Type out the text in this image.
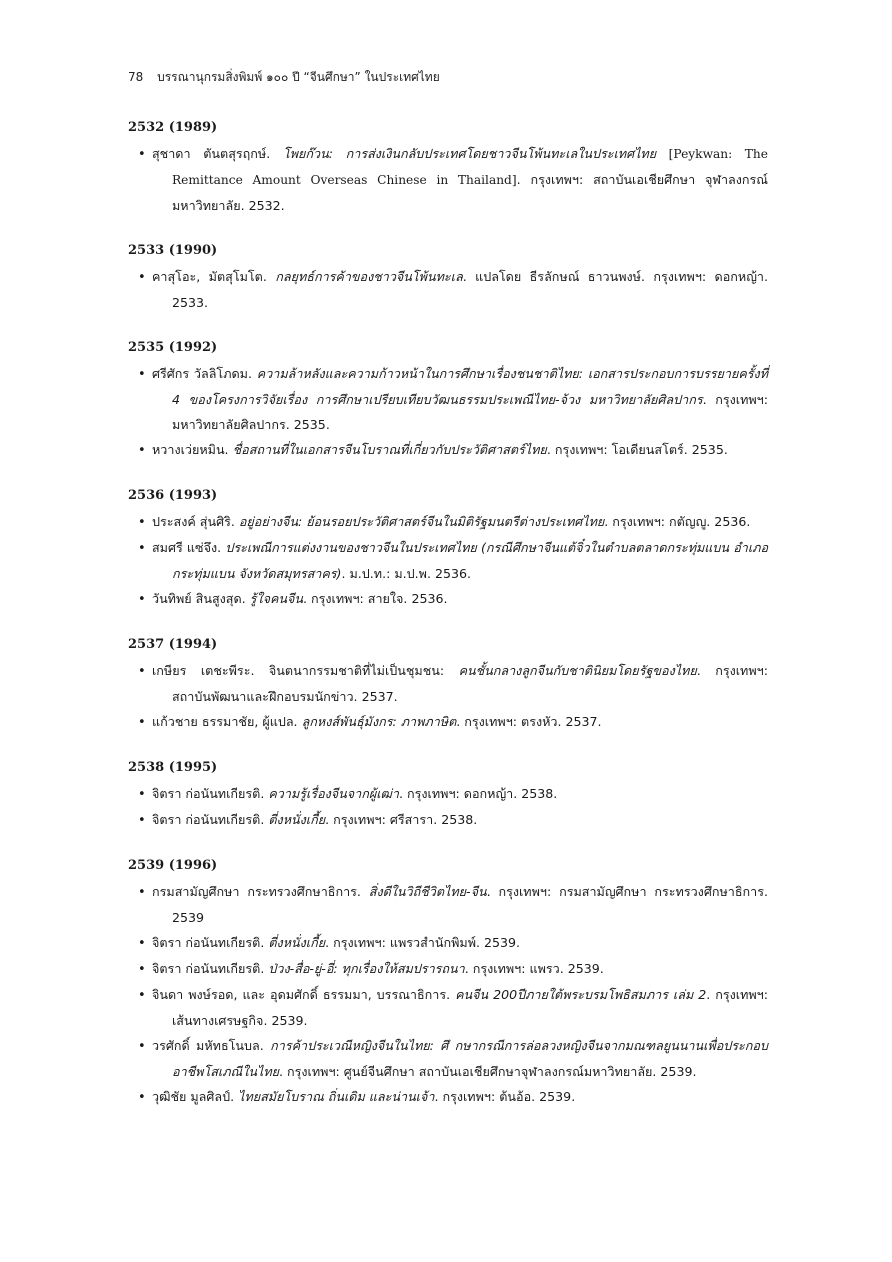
78 บรรณานุกรมสิ่งพิมพ์ ๑๐๐ ปี “จีนศึกษา” ในประเทศไทย
2532 (1989)
• สุชาดา ตันตสุรฤกษ์. โพยก๊วน: การส่งเงินกลับประเทศโดยชาวจีนโพ้นทะเลในประเทศไทย [Peykwan: The Remittance Amount Overseas Chinese in Thailand]. กรุงเทพฯ: สถาบันเอเชียศึกษา จุฬาลงกรณ์มหาวิทยาลัย. 2532.
2533 (1990)
• คาสุโอะ, มัตสุโมโต. กลยุทธ์การค้าของชาวจีนโพ้นทะเล. แปลโดย ธีรลักษณ์ ธาวนพงษ์. กรุงเทพฯ: ดอกหญ้า. 2533.
2535 (1992)
• ศรีศักร วัลลิโภดม. ความล้าหลังและความก้าวหน้าในการศึกษาเรื่องชนชาติไทย: เอกสารประกอบการบรรยายครั้งที่ 4 ของโครงการวิจัยเรื่อง การศึกษาเปรียบเทียบวัฒนธรรมประเพณีไทย-จ้วง มหาวิทยาลัยศิลปากร. กรุงเทพฯ: มหาวิทยาลัยศิลปากร. 2535.
• หวางเว่ยหมิน. ชื่อสถานที่ในเอกสารจีนโบราณที่เกี่ยวกับประวัติศาสตร์ไทย. กรุงเทพฯ: โอเดียนสโตร์. 2535.
2536 (1993)
• ประสงค์ สุ่นศิริ. อยู่อย่างจีน: ย้อนรอยประวัติศาสตร์จีนในมิติรัฐมนตรีต่างประเทศไทย. กรุงเทพฯ: กตัญญู. 2536.
• สมศรี แซ่จึง. ประเพณีการแต่งงานของชาวจีนในประเทศไทย (กรณีศึกษาจีนแต้จิ๋วในตำบลตลาดกระทุ่มแบน อำเภอกระทุ่มแบน จังหวัดสมุทรสาคร). ม.ป.ท.: ม.ป.พ. 2536.
• วันทิพย์ สินสูงสุด. รู้ใจคนจีน. กรุงเทพฯ: สายใจ. 2536.
2537 (1994)
• เกษียร เตชะพีระ. จินตนากรรมชาติที่ไม่เป็นชุมชน: คนชั้นกลางลูกจีนกับชาตินิยมโดยรัฐของไทย. กรุงเทพฯ: สถาบันพัฒนาและฝึกอบรมนักข่าว. 2537.
• แก้วชาย ธรรมาชัย, ผู้แปล. ลูกหงส์พันธุ์มังกร: ภาพภาษิต. กรุงเทพฯ: ตรงหัว. 2537.
2538 (1995)
• จิตรา ก่อนันทเกียรติ. ความรู้เรื่องจีนจากผู้เฒ่า. กรุงเทพฯ: ดอกหญ้า. 2538.
• จิตรา ก่อนันทเกียรติ. ตี่งหนั่งเกี้ย. กรุงเทพฯ: ศรีสารา. 2538.
2539 (1996)
• กรมสามัญศึกษา กระทรวงศึกษาธิการ. สิ่งดีในวิถีชีวิตไทย-จีน. กรุงเทพฯ: กรมสามัญศึกษา กระทรวงศึกษาธิการ. 2539
• จิตรา ก่อนันทเกียรติ. ตี่งหนั่งเกี้ย. กรุงเทพฯ: แพรวสำนักพิมพ์. 2539.
• จิตรา ก่อนันทเกียรติ. ป่วง-สื่อ-ยู่-อี่: ทุกเรื่องให้สมปรารถนา. กรุงเทพฯ: แพรว. 2539.
• จินดา พงษ์รอด, และ อุดมศักดิ์ ธรรมมา, บรรณาธิการ. คนจีน 200ปีภายใต้พระบรมโพธิสมภาร เล่ม 2. กรุงเทพฯ: เส้นทางเศรษฐกิจ. 2539.
• วรศักดิ์ มหัทธโนบล. การค้าประเวณีหญิงจีนในไทย: ศึ กษากรณีการล่อลวงหญิงจีนจากมณฑลยูนนานเพื่อประกอบอาชีพโสเภณีในไทย. กรุงเทพฯ: ศูนย์จีนศึกษา สถาบันเอเชียศึกษาจุฬาลงกรณ์มหาวิทยาลัย. 2539.
• วุฒิชัย มูลศิลป์. ไทยสมัยโบราณ ถิ่นเดิม และน่านเจ้า. กรุงเทพฯ: ต้นอ้อ. 2539.
